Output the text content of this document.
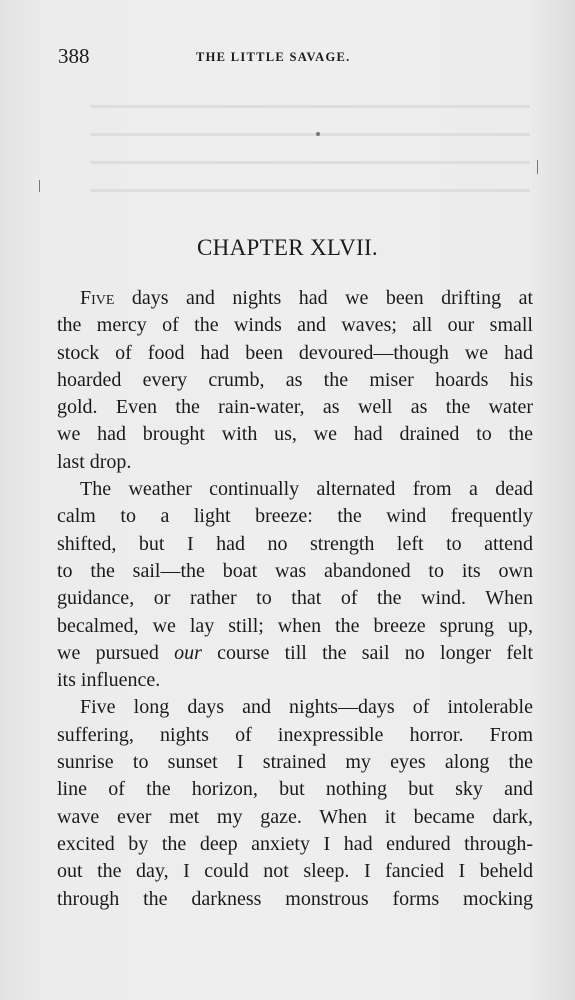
388	THE LITTLE SAVAGE.
CHAPTER XLVII.

Five days and nights had we been drifting at
the mercy of the winds and waves; all our small
stock of food had been devoured—though we had
hoarded every crumb, as the miser hoards his
gold. Even the rain-water, as well as the water
we had brought with us, we had drained to the
last drop.

The weather continually alternated from a dead
calm to a light breeze: the wind frequently
shifted, but I had no strength left to attend
to the sail—the boat was abandoned to its own
guidance, or rather to that of the wind. When
becalmed, we lay still; when the breeze sprung up,
we pursued our course till the sail no longer felt
its influence.

Five long days and nights—days of intolerable
suffering, nights of inexpressible horror. From
sunrise to sunset I strained my eyes along the
line of the horizon, but nothing but sky and
wave ever met my gaze. When it became dark,
excited by the deep anxiety I had endured through-
out the day, I could not sleep. I fancied I beheld
through the darkness monstrous forms mocking
